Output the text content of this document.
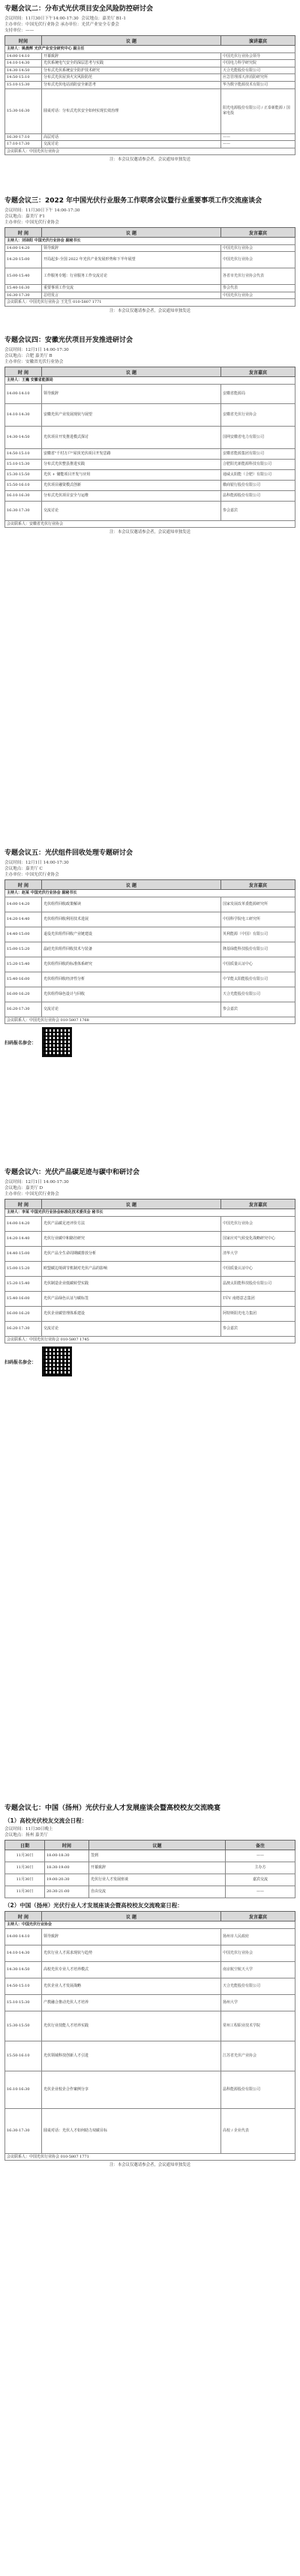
专题会议二：分布式光伏项目安全风险防控研讨会
会议时间：11月30日下午14:00-17:30 会议地点：嘉美厅 B1-1
主办单位：中国光伏行业协会 承办单位：光伏产业安全专委会
支持单位：——
时间	议 题	演讲嘉宾
主持人：姚晨辉 光伏产业安全研究中心 副主任		
14:00-14:10	开幕致辞	中国光伏行业协会领导
14:10-14:30	光伏系统电气安全的深层思考与实践	中国电力科学研究院
14:30-14:50	分布式光伏系统安全防护技术研究	天合光能股份有限公司
14:50-15:10	分布式光伏屋顶火灾风险防范	应急管理部天津消防研究所
15:10-15:30	分布式光伏电站消防安全新思考	华为数字能源技术有限公司
15:30-16:30	圆桌对话：分布式光伏安全如何实现长效治理	阳光电源股份有限公司 / 正泰新能源 / 国家电投
16:30-17:10	高层对话	——
17:10-17:30	交流讨论	——
会议联系人：中国光伏行业协会		
注：本会议仅邀请参会者，会议通知单独发送
专题会议三：2022 年中国光伏行业服务工作联席会议暨行业重要事项工作交流座谈会
会议时间：11月30日下午 14:00-17:30
会议地点：嘉美厅 F1
主办单位：中国光伏行业协会
时 间	议 题	发言嘉宾
主持人：刘译阳 中国光伏行业协会 副秘书长		
14:00-14:20	领导致辞	中国光伏行业协会
14:20-15:00	开局起步-全国 2022 年光伏产业发展形势和下半年展望	中国光伏行业协会
15:00-15:40	工作服务专题：行业服务工作交流讨论	各省市光伏行业协会代表
15:40-16:30	重要事项工作交流	参会代表
16:30-17:30	总结发言	中国光伏行业协会
会议联系人：中国光伏行业协会 王先生 010-5807 1771		
注：本会议仅邀请参会者，会议通知单独发送
专题会议四：安徽光伏项目开发推进研讨会
会议时间：12月1日 14:00-17:30
会议地点：合肥 嘉美厅 B
主办单位：安徽省光伏行业协会
时 间	议 题	发言嘉宾
主持人：王巍 安徽省能源局		
14:00-14:10	领导致辞	安徽省能源局
14:10-14:30	安徽光伏产业发展现状与展望	安徽省光伏行业协会
14:30-14:50	光伏项目开发推进模式探讨	国网安徽省电力有限公司
14:50-15:10	安徽省"千村万户"屋顶光伏项目开发思路	安徽省能源集团有限公司
15:10-15:30	分布式光伏整县推进实践	合肥阳光新能源科技有限公司
15:30-15:50	光伏 + 储能项目开发与应用	通威太阳能（合肥）有限公司
15:50-16:10	光伏项目融资模式创新	徽商银行股份有限公司
16:10-16:30	分布式光伏项目安全与运维	晶科能源股份有限公司
16:30-17:30	交流讨论	参会嘉宾
会议联系人：安徽省光伏行业协会		
注：本会议仅邀请参会者，会议通知单独发送
专题会议五：光伏组件回收处理专题研讨会
会议时间：12月1日 14:00-17:30
会议地点：嘉美厅 C
主办单位：中国光伏行业协会
时 间	议 题	发言嘉宾
主持人：赵某 中国光伏行业协会 副秘书长		
14:00-14:20	光伏组件回收政策解读	国家发展改革委能源研究所
14:20-14:40	光伏组件回收利用技术进展	中国科学院电工研究所
14:40-15:00	退役光伏组件回收产业链建设	英利能源（中国）有限公司
15:00-15:20	晶硅光伏组件回收技术与装备	隆基绿能科技股份有限公司
15:20-15:40	光伏组件回收的标准体系研究	中国质量认证中心
15:40-16:00	光伏组件回收经济性分析	中节能太阳能股份有限公司
16:00-16:20	光伏组件绿色设计与回收	天合光能股份有限公司
16:20-17:30	交流讨论	参会嘉宾
会议联系人：中国光伏行业协会 010-5807 1768		
扫码报名参会：
专题会议六：光伏产品碳足迹与碳中和研讨会
会议时间：12月1日 14:00-17:30
会议地点：嘉美厅 D
主办单位：中国光伏行业协会
时 间	议 题	发言嘉宾
主持人：李某 中国光伏行业协会标准化技术委员会 秘书长		
14:00-14:20	光伏产品碳足迹评价方法	中国光伏行业协会
14:20-14:40	光伏行业碳中和路径研究	国家应对气候变化战略研究中心
14:40-15:00	光伏产品全生命周期碳排放分析	清华大学
15:00-15:20	欧盟碳边境调节机制对光伏产品的影响	中国质量认证中心
15:20-15:40	光伏制造企业低碳转型实践	晶澳太阳能科技股份有限公司
15:40-16:00	光伏产品绿色认证与碳标签	TÜV 南德意志集团
16:00-16:20	光伏企业碳管理体系建设	阿特斯阳光电力集团
16:20-17:30	交流讨论	参会嘉宾
会议联系人：中国光伏行业协会 010-5807 1745		
扫码报名参会：
专题会议七：中国（扬州）光伏行业人才发展座谈会暨高校校友交流晚宴
（1）高校光伏校友交流会日程：
会议时间：11月30日晚上
会议地点：扬州 嘉美厅
日期	时间	议题	备注
11月30日	18:00-18:30	签到	——
11月30日	18:30-19:00	开幕致辞	主办方
11月30日	19:00-20:30	光伏行业人才发展座谈	嘉宾交流
11月30日	20:30-21:00	自由交流	——
（2）中国（扬州）光伏行业人才发展座谈会暨高校校友交流晚宴日程：
时 间	议 题	发言嘉宾
主持人：中国光伏行业协会		
14:00-14:10	领导致辞	扬州市人民政府
14:10-14:30	光伏行业人才需求现状与趋势	中国光伏行业协会
14:30-14:50	高校光伏专业人才培养模式	南京航空航天大学
14:50-15:10	光伏企业人才发展战略	天合光能股份有限公司
15:10-15:30	产教融合推动光伏人才培养	扬州大学
15:30-15:50	光伏行业技能人才培养实践	常州工程职业技术学院
15:50-16:10	光伏领域科技创新人才引进	江苏省光伏产业协会
16:10-16:30	光伏企业校企合作案例分享	晶科能源股份有限公司
16:30-17:30	圆桌对话：光伏人才如何助力双碳目标	高校 / 企业代表
会议联系人：中国光伏行业协会 010-5807 1771		
注：本会议仅邀请参会者，会议通知单独发送
